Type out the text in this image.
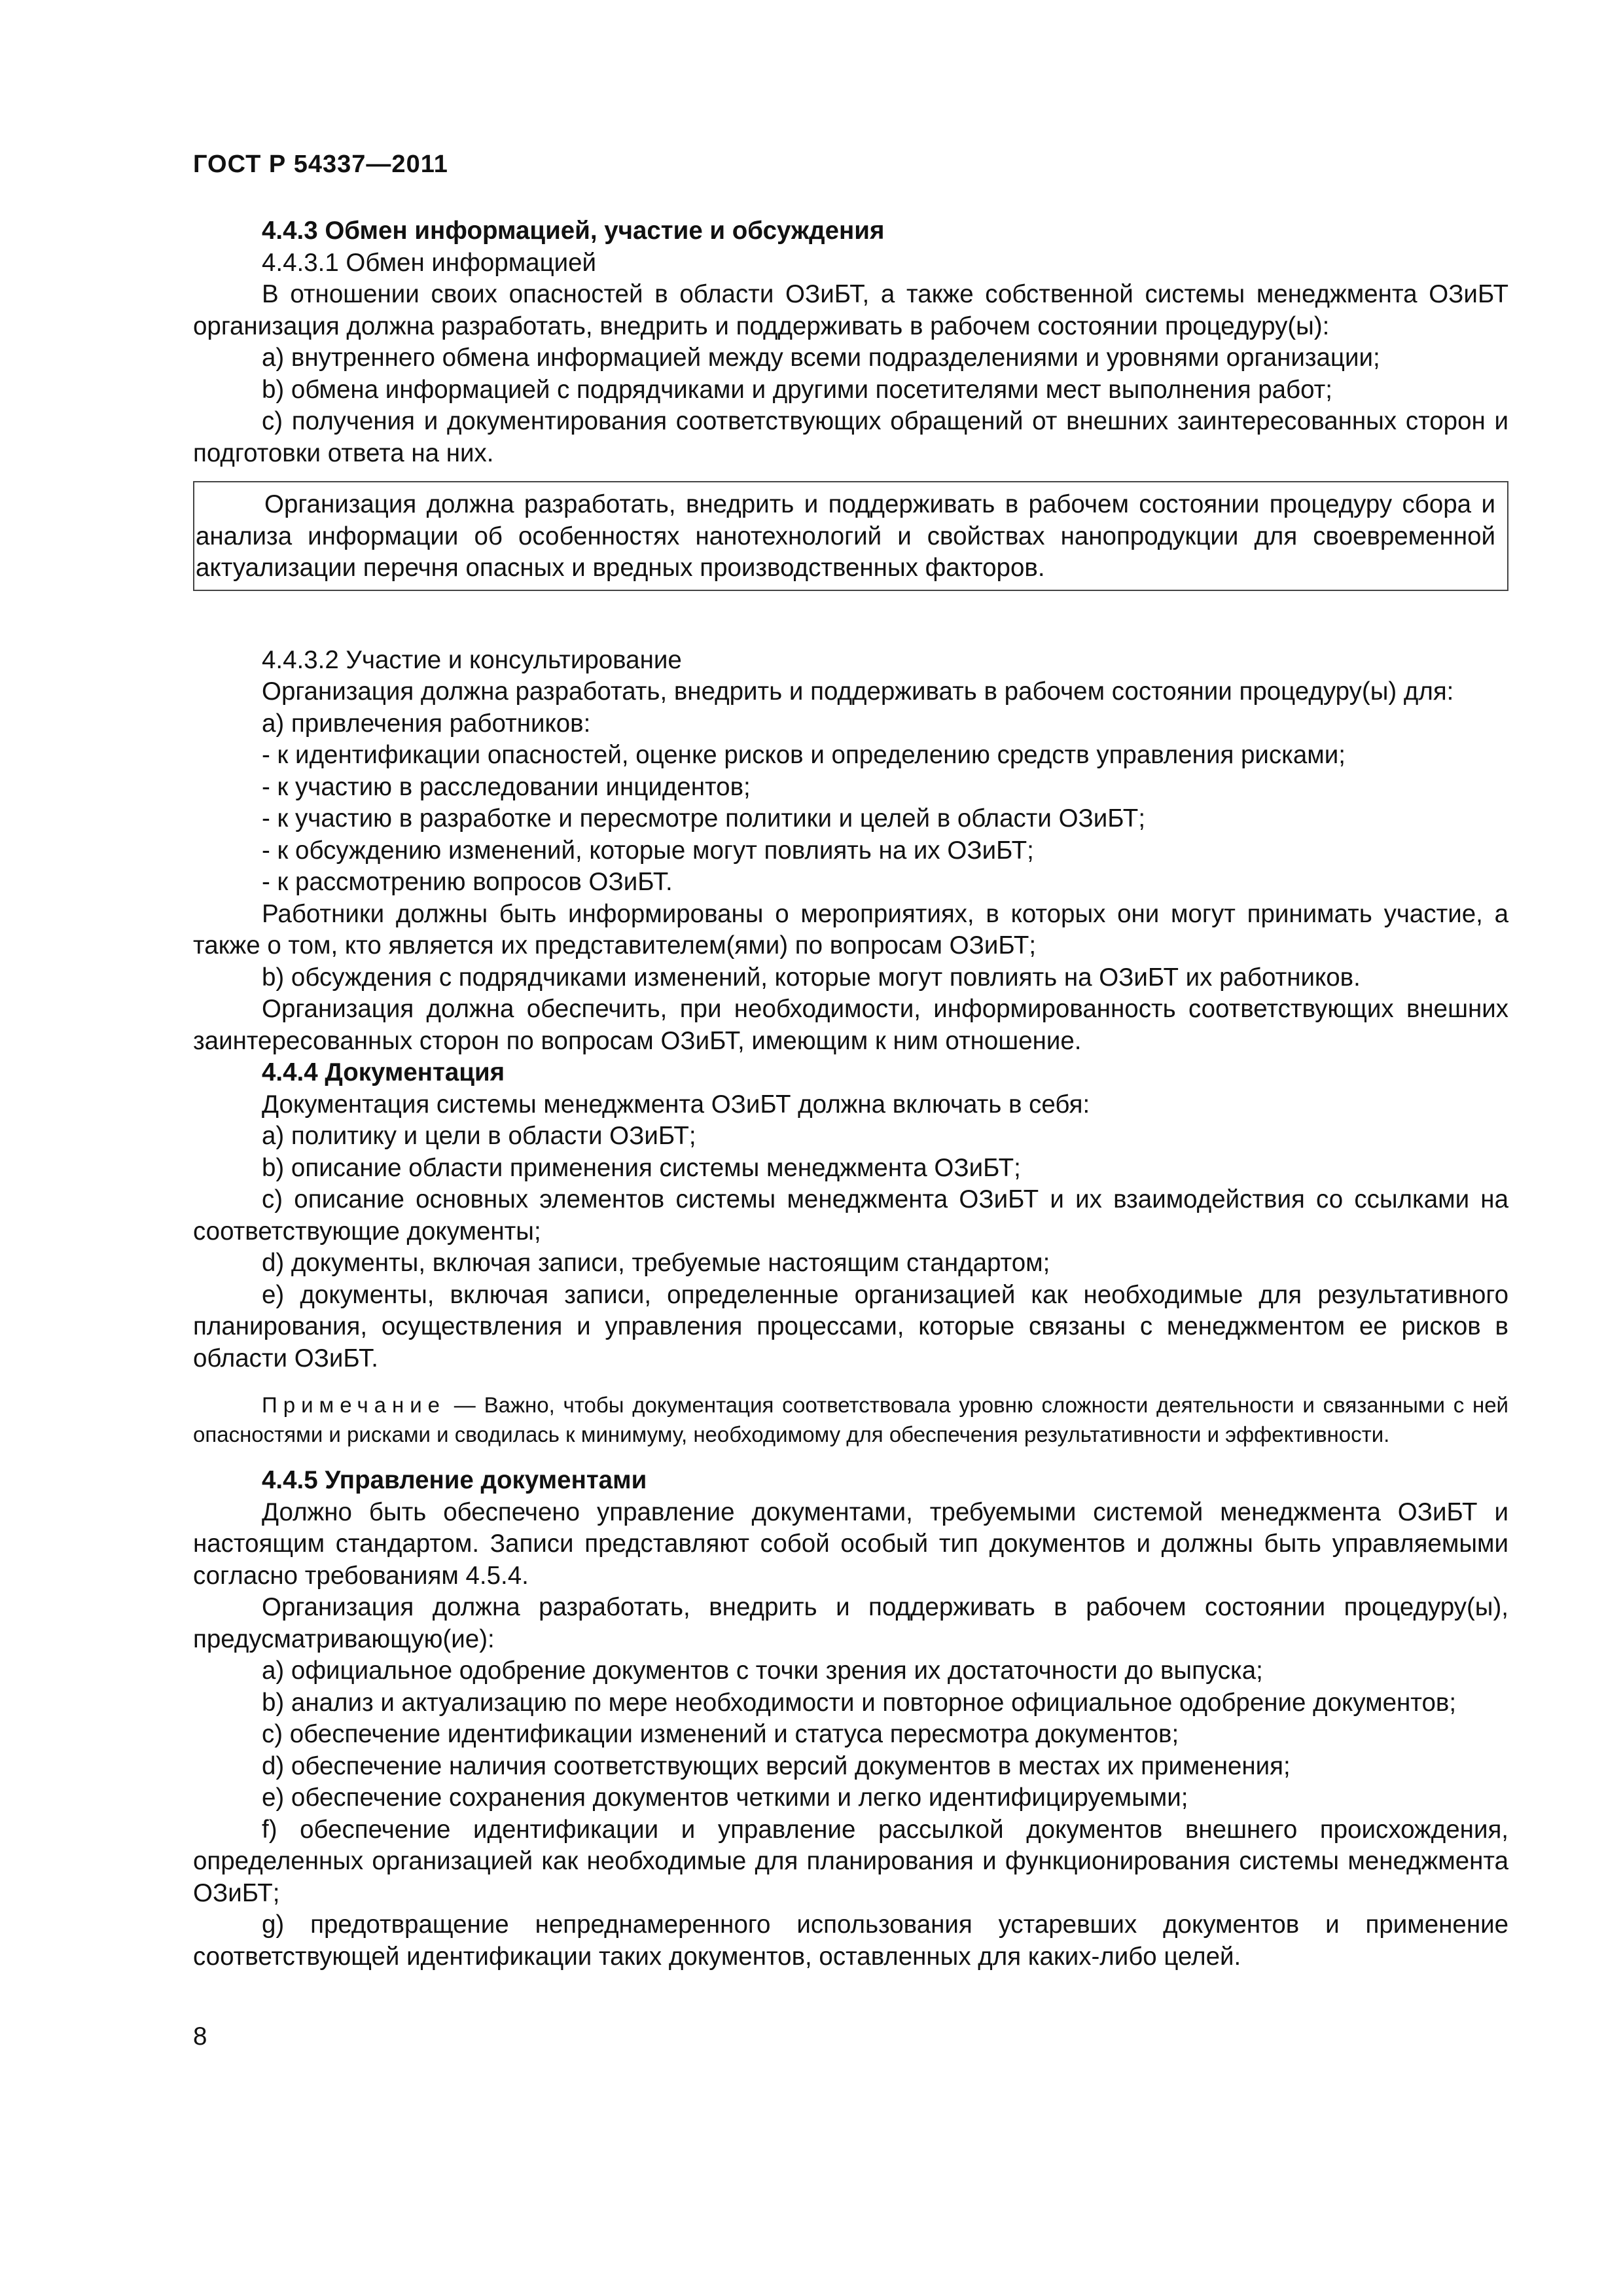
ГОСТ Р 54337—2011
4.4.3 Обмен информацией, участие и обсуждения

4.4.3.1 Обмен информацией

В отношении своих опасностей в области ОЗиБТ, а также собственной системы менеджмента ОЗиБТ организация должна разработать, внедрить и поддерживать в рабочем состоянии процедуру(ы):

a) внутреннего обмена информацией между всеми подразделениями и уровнями организации;

b) обмена информацией с подрядчиками и другими посетителями мест выполнения работ;

c) получения и документирования соответствующих обращений от внешних заинтересованных сторон и подготовки ответа на них.

Организация должна разработать, внедрить и поддерживать в рабочем состоянии процедуру сбора и анализа информации об особенностях нанотехнологий и свойствах нанопродукции для своевременной актуализации перечня опасных и вредных производственных факторов.

4.4.3.2 Участие и консультирование

Организация должна разработать, внедрить и поддерживать в рабочем состоянии процедуру(ы) для:

a) привлечения работников:

- к идентификации опасностей, оценке рисков и определению средств управления рисками;

- к участию в расследовании инцидентов;

- к участию в разработке и пересмотре политики и целей в области ОЗиБТ;

- к обсуждению изменений, которые могут повлиять на их ОЗиБТ;

- к рассмотрению вопросов ОЗиБТ.

Работники должны быть информированы о мероприятиях, в которых они могут принимать участие, а также о том, кто является их представителем(ями) по вопросам ОЗиБТ;

b) обсуждения с подрядчиками изменений, которые могут повлиять на ОЗиБТ их работников.

Организация должна обеспечить, при необходимости, информированность соответствующих внешних заинтересованных сторон по вопросам ОЗиБТ, имеющим к ним отношение.

4.4.4 Документация

Документация системы менеджмента ОЗиБТ должна включать в себя:

a) политику и цели в области ОЗиБТ;

b) описание области применения системы менеджмента ОЗиБТ;

c) описание основных элементов системы менеджмента ОЗиБТ и их взаимодействия со ссылками на соответствующие документы;

d) документы, включая записи, требуемые настоящим стандартом;

e) документы, включая записи, определенные организацией как необходимые для результативного планирования, осуществления и управления процессами, которые связаны с менеджментом ее рисков в области ОЗиБТ.

Примечание — Важно, чтобы документация соответствовала уровню сложности деятельности и связанными с ней опасностями и рисками и сводилась к минимуму, необходимому для обеспечения результативности и эффективности.

4.4.5 Управление документами

Должно быть обеспечено управление документами, требуемыми системой менеджмента ОЗиБТ и настоящим стандартом. Записи представляют собой особый тип документов и должны быть управляемыми согласно требованиям 4.5.4.

Организация должна разработать, внедрить и поддерживать в рабочем состоянии процедуру(ы), предусматривающую(ие):

a) официальное одобрение документов с точки зрения их достаточности до выпуска;

b) анализ и актуализацию по мере необходимости и повторное официальное одобрение документов;

c) обеспечение идентификации изменений и статуса пересмотра документов;

d) обеспечение наличия соответствующих версий документов в местах их применения;

e) обеспечение сохранения документов четкими и легко идентифицируемыми;

f) обеспечение идентификации и управление рассылкой документов внешнего происхождения, определенных организацией как необходимые для планирования и функционирования системы менеджмента ОЗиБТ;

g) предотвращение непреднамеренного использования устаревших документов и применение соответствующей идентификации таких документов, оставленных для каких-либо целей.

8
